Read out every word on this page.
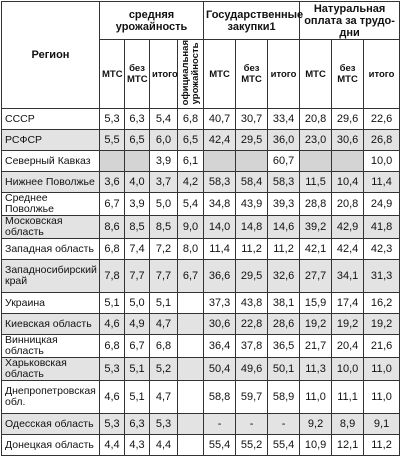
Регион	средняя урожайность				Государственные закупки1			Натуральная оплата за трудо-дни		
	МТС	без МТС	итого	официальная урожайность	МТС	без МТС	итого	МТС	без МТС	итого
СССР	5,3	6,3	5,4	6,8	40,7	30,7	33,4	20,8	29,6	22,6
РСФСР	5,5	6,5	6,0	6,5	42,4	29,5	36,0	23,0	30,6	26,8
Северный Кавказ			3,9	6,1			60,7			10,0
Нижнее Поволжье	3,6	4,0	3,7	4,2	58,3	58,4	58,3	11,5	10,4	11,4
Среднее Поволжье	6,7	3,9	5,0	5,4	34,8	43,9	39,3	28,8	20,8	24,9
Московская область	8,6	8,5	8,5	9,0	14,0	14,8	14,6	39,2	42,9	41,8
Западная область	6,8	7,4	7,2	8,0	11,4	11,2	11,2	42,1	42,4	42,3
Западносибирский край	7,8	7,7	7,7	6,7	36,6	29,5	32,6	27,7	34,1	31,3
Украина	5,1	5,0	5,1		37,3	43,8	38,1	15,9	17,4	16,2
Киевская область	4,6	4,9	4,7		30,6	22,8	28,6	19,2	19,2	19,2
Винницкая область	6,8	6,7	6,8		36,4	37,8	36,5	21,7	20,4	21,6
Харьковская область	5,3	5,1	5,2		50,4	49,6	50,1	11,3	10,0	11,0
Днепропетровская обл.	4,6	5,1	4,7		58,8	59,7	58,9	11,0	11,1	11,0
Одесская область	5,3	6,3	5,3		-	-	-	9,2	8,9	9,1
Донецкая область	4,4	4,3	4,4		55,4	55,2	55,4	10,9	12,1	11,2
